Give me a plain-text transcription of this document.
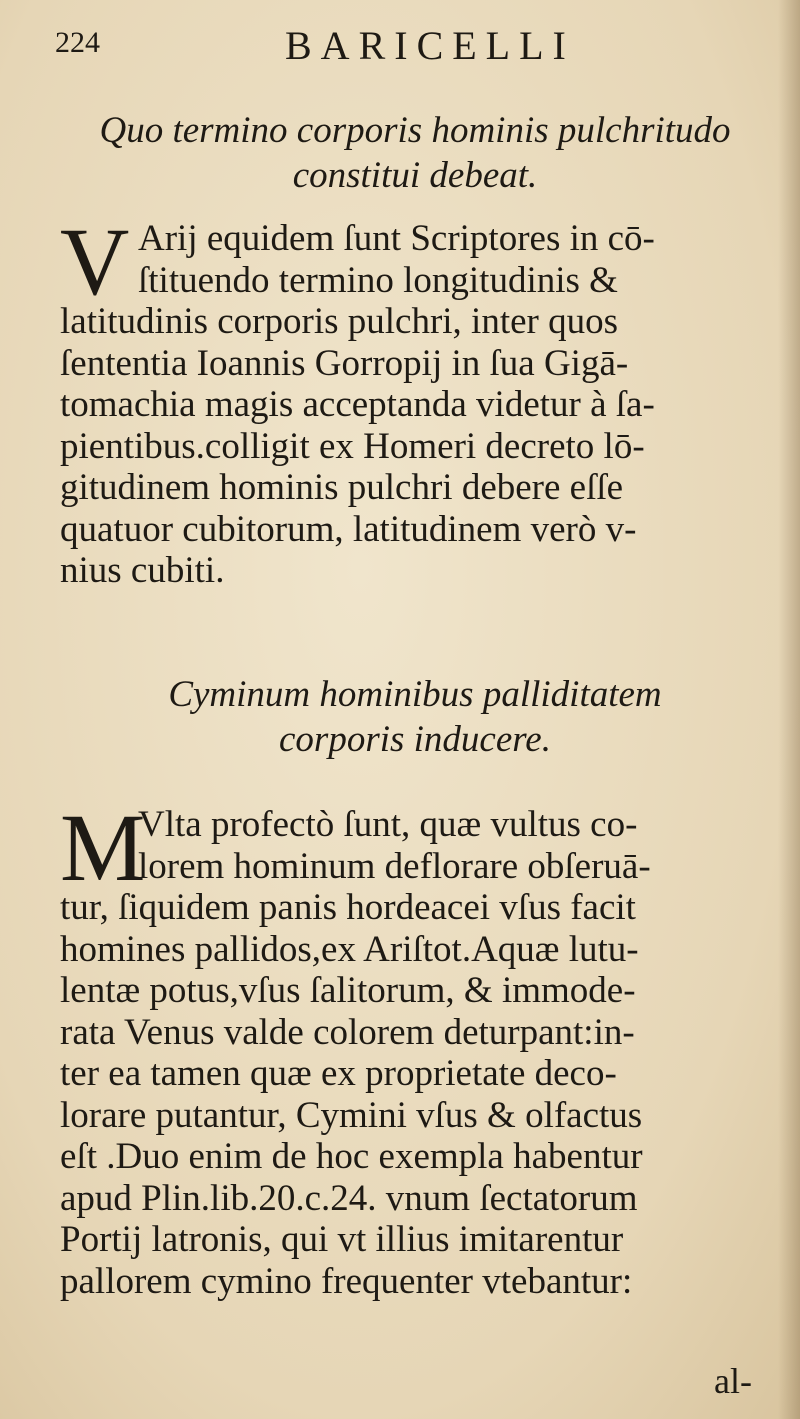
224	BARICELLI
Quo termino corporis hominis pulchritudo
constitui debeat.
V Arij equidem ſunt Scriptores in cō-
ſtituendo termino longitudinis &
latitudinis corporis pulchri, inter quos
ſententia Ioannis Gorropij in ſua Gigā-
tomachia magis acceptanda videtur à ſa-
pientibus.colligit ex Homeri decreto lō-
gitudinem hominis pulchri debere eſſe
quatuor cubitorum, latitudinem verò v-
nius cubiti.
Cyminum hominibus palliditatem
corporis inducere.
M
Vlta profectò ſunt, quæ vultus co-
lorem hominum deflorare obſeruā-
tur, ſiquidem panis hordeacei vſus facit
homines pallidos,ex Ariſtot.Aquæ lutu-
lentæ potus,vſus ſalitorum, & immode-
rata Venus valde colorem deturpant:in-
ter ea tamen quæ ex proprietate deco-
lorare putantur, Cymini vſus & olfactus
eſt .Duo enim de hoc exempla habentur
apud Plin.lib.20.c.24. vnum ſectatorum
Portij latronis, qui vt illius imitarentur
pallorem cymino frequenter vtebantur:
al-
